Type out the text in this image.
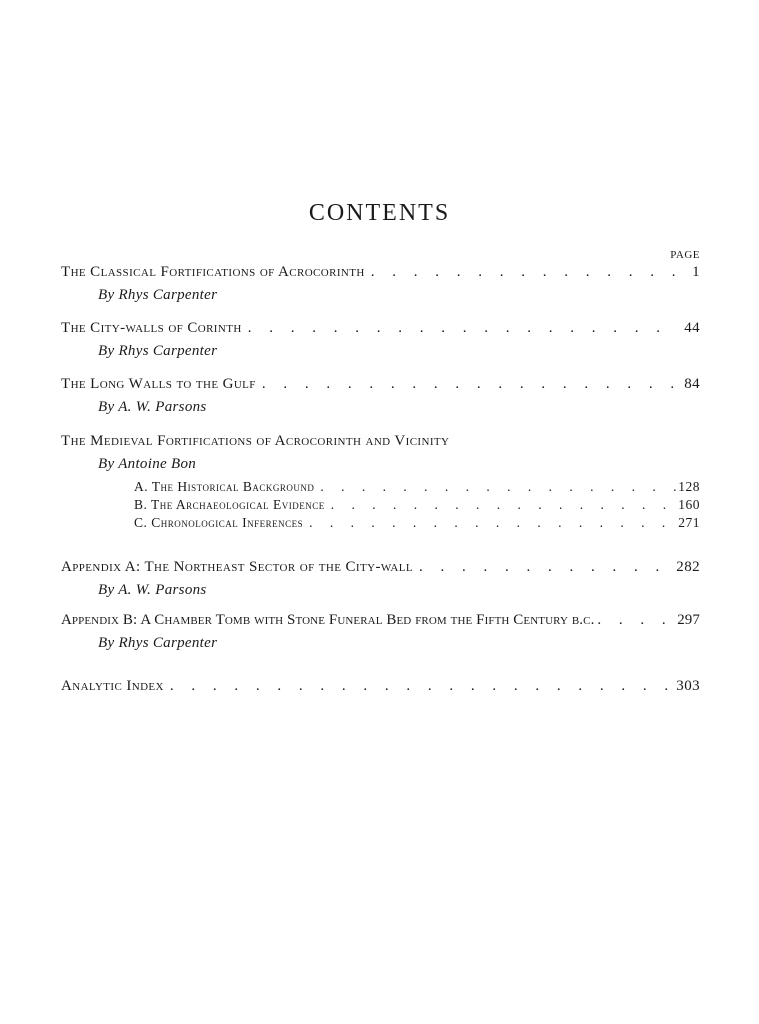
CONTENTS
PAGE
The Classical Fortifications of Acrocorinth . . .	1
By Rhys Carpenter
The City-walls of Corinth . . .	44
By Rhys Carpenter
The Long Walls to the Gulf . . .	84
By A. W. Parsons
The Medieval Fortifications of Acrocorinth and Vicinity
By Antoine Bon
A. The Historical Background . . .	128
B. The Archaeological Evidence . . .	160
C. Chronological Inferences . . .	271
Appendix A: The Northeast Sector of the City-wall . . .	282
By A. W. Parsons
Appendix B: A Chamber Tomb with Stone Funeral Bed from the Fifth Century b.c. . . .	297
By Rhys Carpenter
Analytic Index . . .	303
